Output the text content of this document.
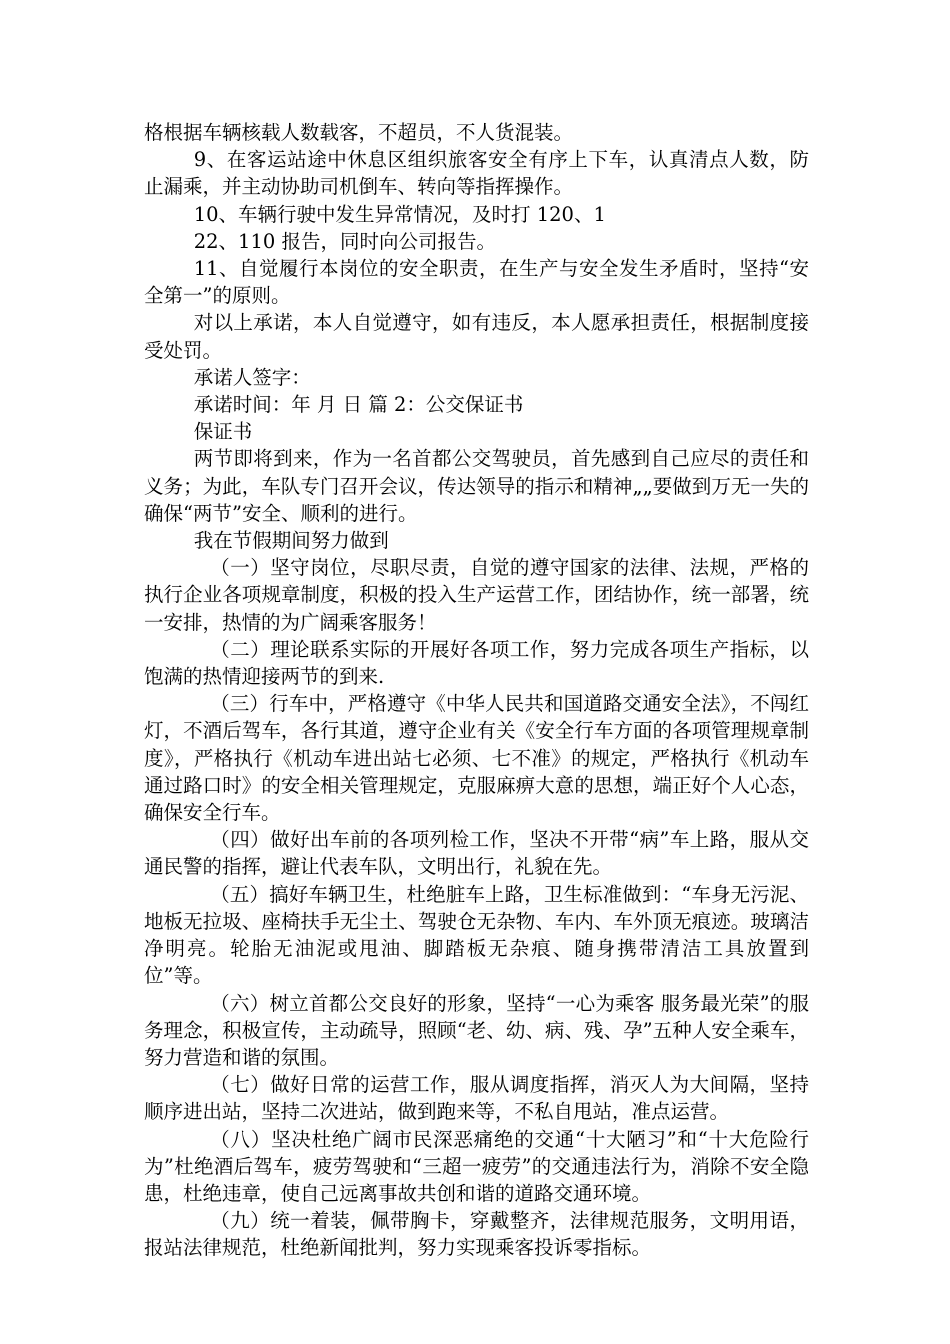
格根据车辆核载人数载客，不超员，不人货混装。

9、在客运站途中休息区组织旅客安全有序上下车，认真清点人数，防止漏乘，并主动协助司机倒车、转向等指挥操作。

10、车辆行驶中发生异常情况，及时打 120、1

22、110 报告，同时向公司报告。

11、自觉履行本岗位的安全职责，在生产与安全发生矛盾时，坚持“安全第一”的原则。

对以上承诺，本人自觉遵守，如有违反，本人愿承担责任，根据制度接受处罚。

承诺人签字：

承诺时间：年 月 日 篇 2：公交保证书

保证书

两节即将到来，作为一名首都公交驾驶员，首先感到自己应尽的责任和义务；为此，车队专门召开会议，传达领导的指示和精神„„要做到万无一失的确保“两节”安全、顺利的进行。

我在节假期间努力做到

（一）坚守岗位，尽职尽责，自觉的遵守国家的法律、法规，严格的执行企业各项规章制度，积极的投入生产运营工作，团结协作，统一部署，统一安排，热情的为广阔乘客服务！

（二）理论联系实际的开展好各项工作，努力完成各项生产指标，以饱满的热情迎接两节的到来.

（三）行车中，严格遵守《中华人民共和国道路交通安全法》，不闯红灯，不酒后驾车，各行其道，遵守企业有关《安全行车方面的各项管理规章制度》，严格执行《机动车进出站七必须、七不准》的规定，严格执行《机动车通过路口时》的安全相关管理规定，克服麻痹大意的思想，端正好个人心态，确保安全行车。

（四）做好出车前的各项列检工作，坚决不开带“病”车上路，服从交通民警的指挥，避让代表车队，文明出行，礼貌在先。

（五）搞好车辆卫生，杜绝脏车上路，卫生标准做到：“车身无污泥、地板无拉圾、座椅扶手无尘土、驾驶仓无杂物、车内、车外顶无痕迹。玻璃洁净明亮。轮胎无油泥或甩油、脚踏板无杂痕、随身携带清洁工具放置到位”等。

（六）树立首都公交良好的形象，坚持“一心为乘客 服务最光荣”的服务理念，积极宣传，主动疏导，照顾“老、幼、病、残、孕”五种人安全乘车，努力营造和谐的氛围。

（七）做好日常的运营工作，服从调度指挥，消灭人为大间隔，坚持顺序进出站，坚持二次进站，做到跑来等，不私自甩站，准点运营。

（八）坚决杜绝广阔市民深恶痛绝的交通“十大陋习”和“十大危险行为”杜绝酒后驾车，疲劳驾驶和“三超一疲劳”的交通违法行为，消除不安全隐患，杜绝违章，使自己远离事故共创和谐的道路交通环境。

（九）统一着装，佩带胸卡，穿戴整齐，法律规范服务，文明用语，报站法律规范，杜绝新闻批判，努力实现乘客投诉零指标。
